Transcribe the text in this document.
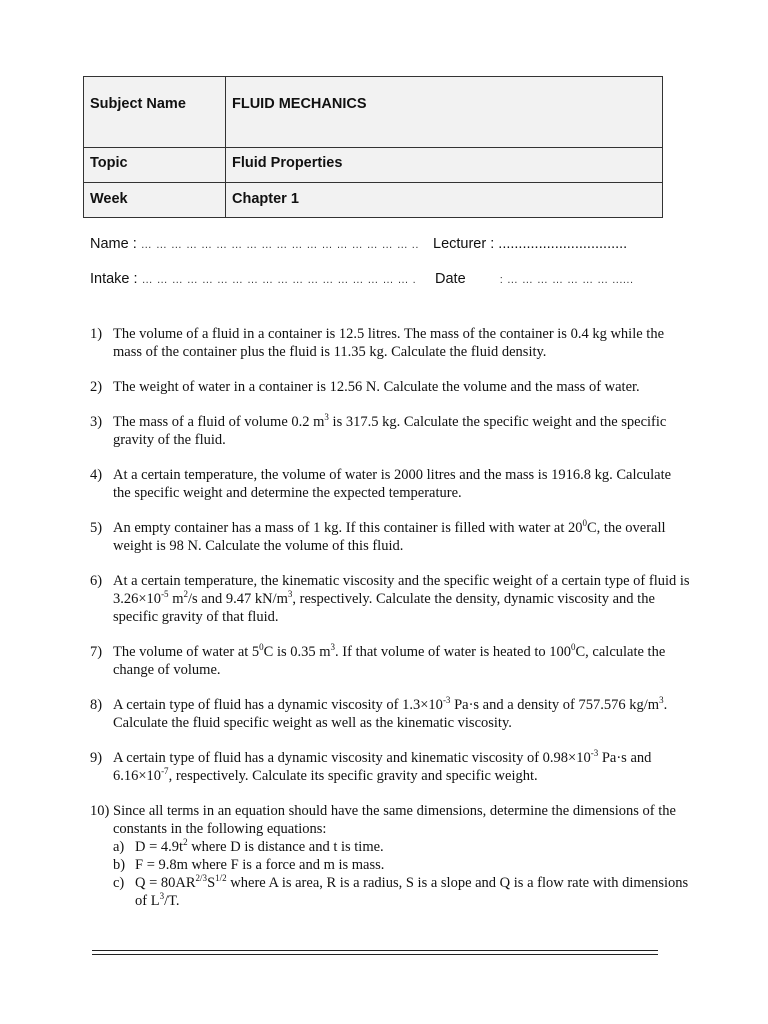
Subject Name	FLUID MECHANICS
Topic	Fluid Properties
Week	Chapter 1
Name : … … … … … … … … … … … … … … … … … … .. Lecturer : ................................
Intake : … … … … … … … … … … … … … … … … … … . Date	: … … … … … … … ......
1) The volume of a fluid in a container is 12.5 litres. The mass of the container is 0.4 kg while the mass of the container plus the fluid is 11.35 kg. Calculate the fluid density.
2) The weight of water in a container is 12.56 N. Calculate the volume and the mass of water.
3) The mass of a fluid of volume 0.2 $m^3$ is 317.5 kg. Calculate the specific weight and the specific gravity of the fluid.
4) At a certain temperature, the volume of water is 2000 litres and the mass is 1916.8 kg. Calculate the specific weight and determine the expected temperature.
5) An empty container has a mass of 1 kg. If this container is filled with water at $20^0C$, the overall weight is 98 N. Calculate the volume of this fluid.
6) At a certain temperature, the kinematic viscosity and the specific weight of a certain type of fluid is $3.26\times 10^{-5}$ $m^2/s$ and 9.47 $kN/m^3$, respectively. Calculate the density, dynamic viscosity and the specific gravity of that fluid.
7) The volume of water at $5^0C$ is 0.35 $m^3$. If that volume of water is heated to $100^0C$, calculate the change of volume.
8) A certain type of fluid has a dynamic viscosity of $1.3\times 10^{-3}$ Pa·s and a density of 757.576 $kg/m^3$. Calculate the fluid specific weight as well as the kinematic viscosity.
9) A certain type of fluid has a dynamic viscosity and kinematic viscosity of $0.98\times 10^{-3}$ Pa·s and $6.16\times 10^{-7}$, respectively. Calculate its specific gravity and specific weight.
10) Since all terms in an equation should have the same dimensions, determine the dimensions of the constants in the following equations:
a) $D = 4.9t^2$ where D is distance and t is time.
b) F = 9.8m where F is a force and m is mass.
c) $Q = 80AR^{2/3}S^{1/2}$ where A is area, R is a radius, S is a slope and Q is a flow rate with dimensions of $L^3/T$.
